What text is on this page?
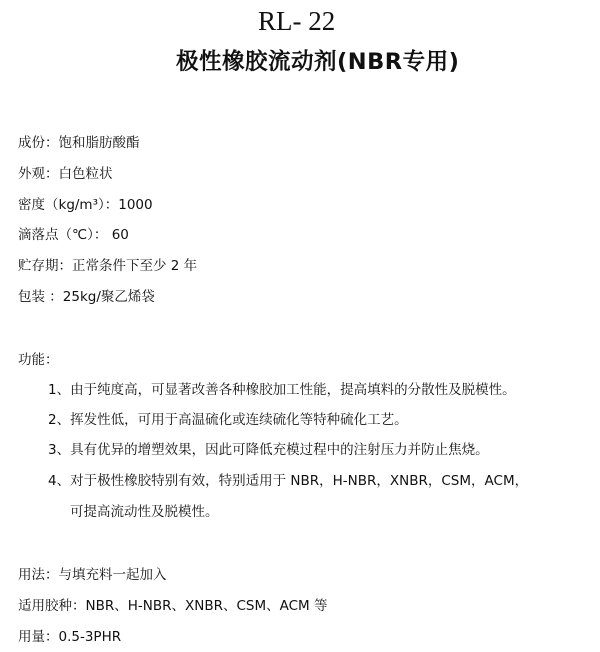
RL- 22
极性橡胶流动剂(NBR专用)
成份：饱和脂肪酸酯
外观：白色粒状
密度（kg/m³）：1000
滴落点（℃）： 60
贮存期：正常条件下至少 2 年
包装 ：25kg/聚乙烯袋
功能：
1、由于纯度高，可显著改善各种橡胶加工性能，提高填料的分散性及脱模性。
2、挥发性低，可用于高温硫化或连续硫化等特种硫化工艺。
3、具有优异的增塑效果，因此可降低充模过程中的注射压力并防止焦烧。
4、对于极性橡胶特别有效，特别适用于 NBR，H-NBR，XNBR，CSM，ACM，
可提高流动性及脱模性。
用法：与填充料一起加入
适用胶种：NBR、H-NBR、XNBR、CSM、ACM 等
用量：0.5-3PHR
